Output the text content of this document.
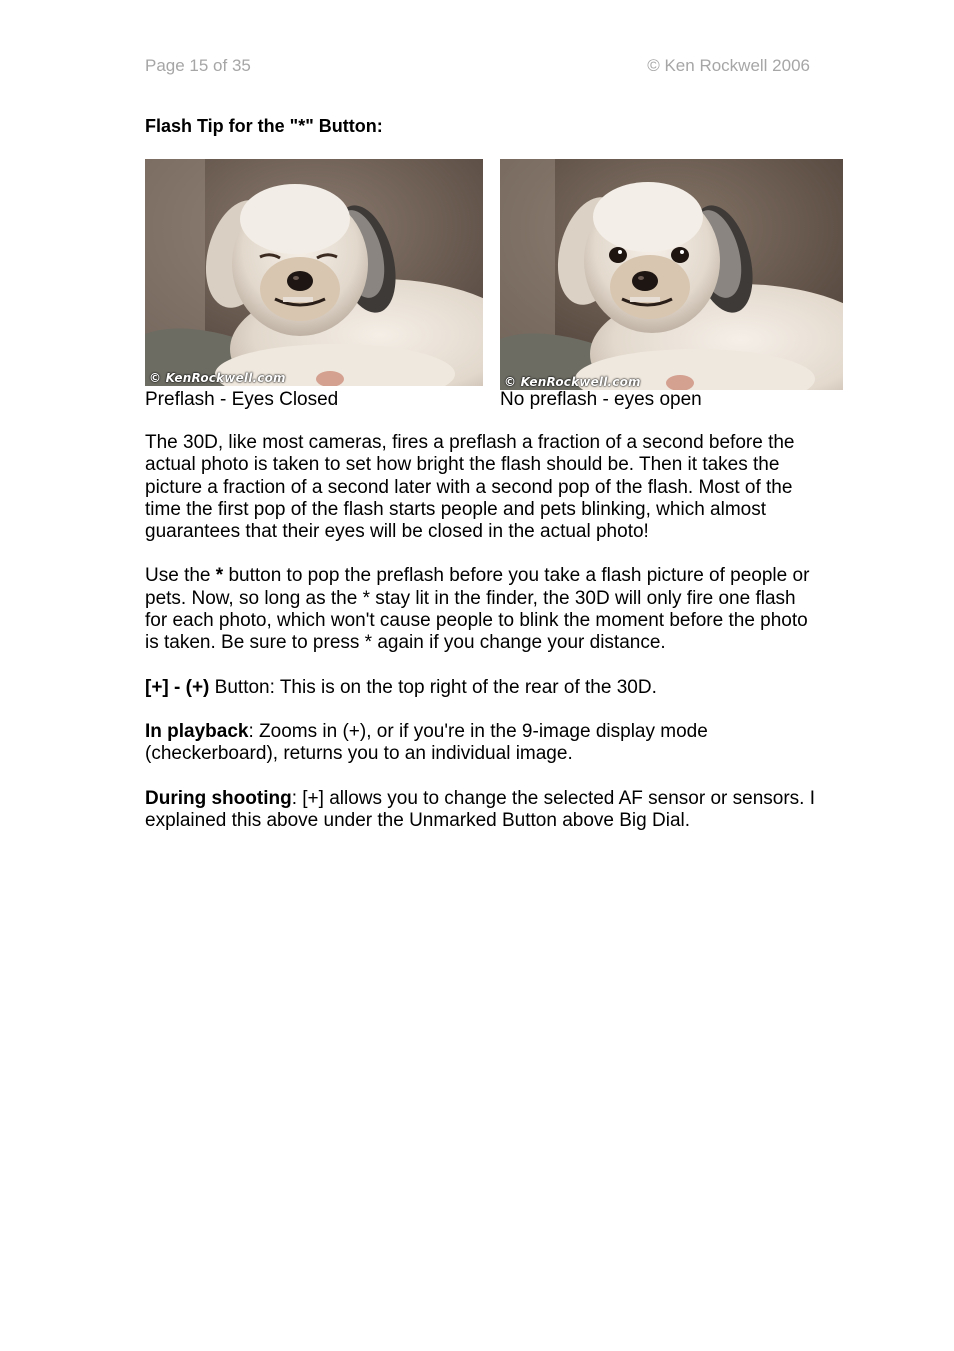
Page 15 of 35	© Ken Rockwell 2006
Flash Tip for the "*" Button:
© KenRockwell.com
Preflash - Eyes Closed
© KenRockwell.com
No preflash - eyes open

The 30D, like most cameras, fires a preflash a fraction of a second before the actual photo is taken to set how bright the flash should be. Then it takes the picture a fraction of a second later with a second pop of the flash. Most of the time the first pop of the flash starts people and pets blinking, which almost guarantees that their eyes will be closed in the actual photo!

Use the * button to pop the preflash before you take a flash picture of people or pets. Now, so long as the * stay lit in the finder, the 30D will only fire one flash for each photo, which won't cause people to blink the moment before the photo is taken. Be sure to press * again if you change your distance.

[+] - (+) Button: This is on the top right of the rear of the 30D.

In playback: Zooms in (+), or if you're in the 9-image display mode (checkerboard), returns you to an individual image.

During shooting: [+] allows you to change the selected AF sensor or sensors. I explained this above under the Unmarked Button above Big Dial.
